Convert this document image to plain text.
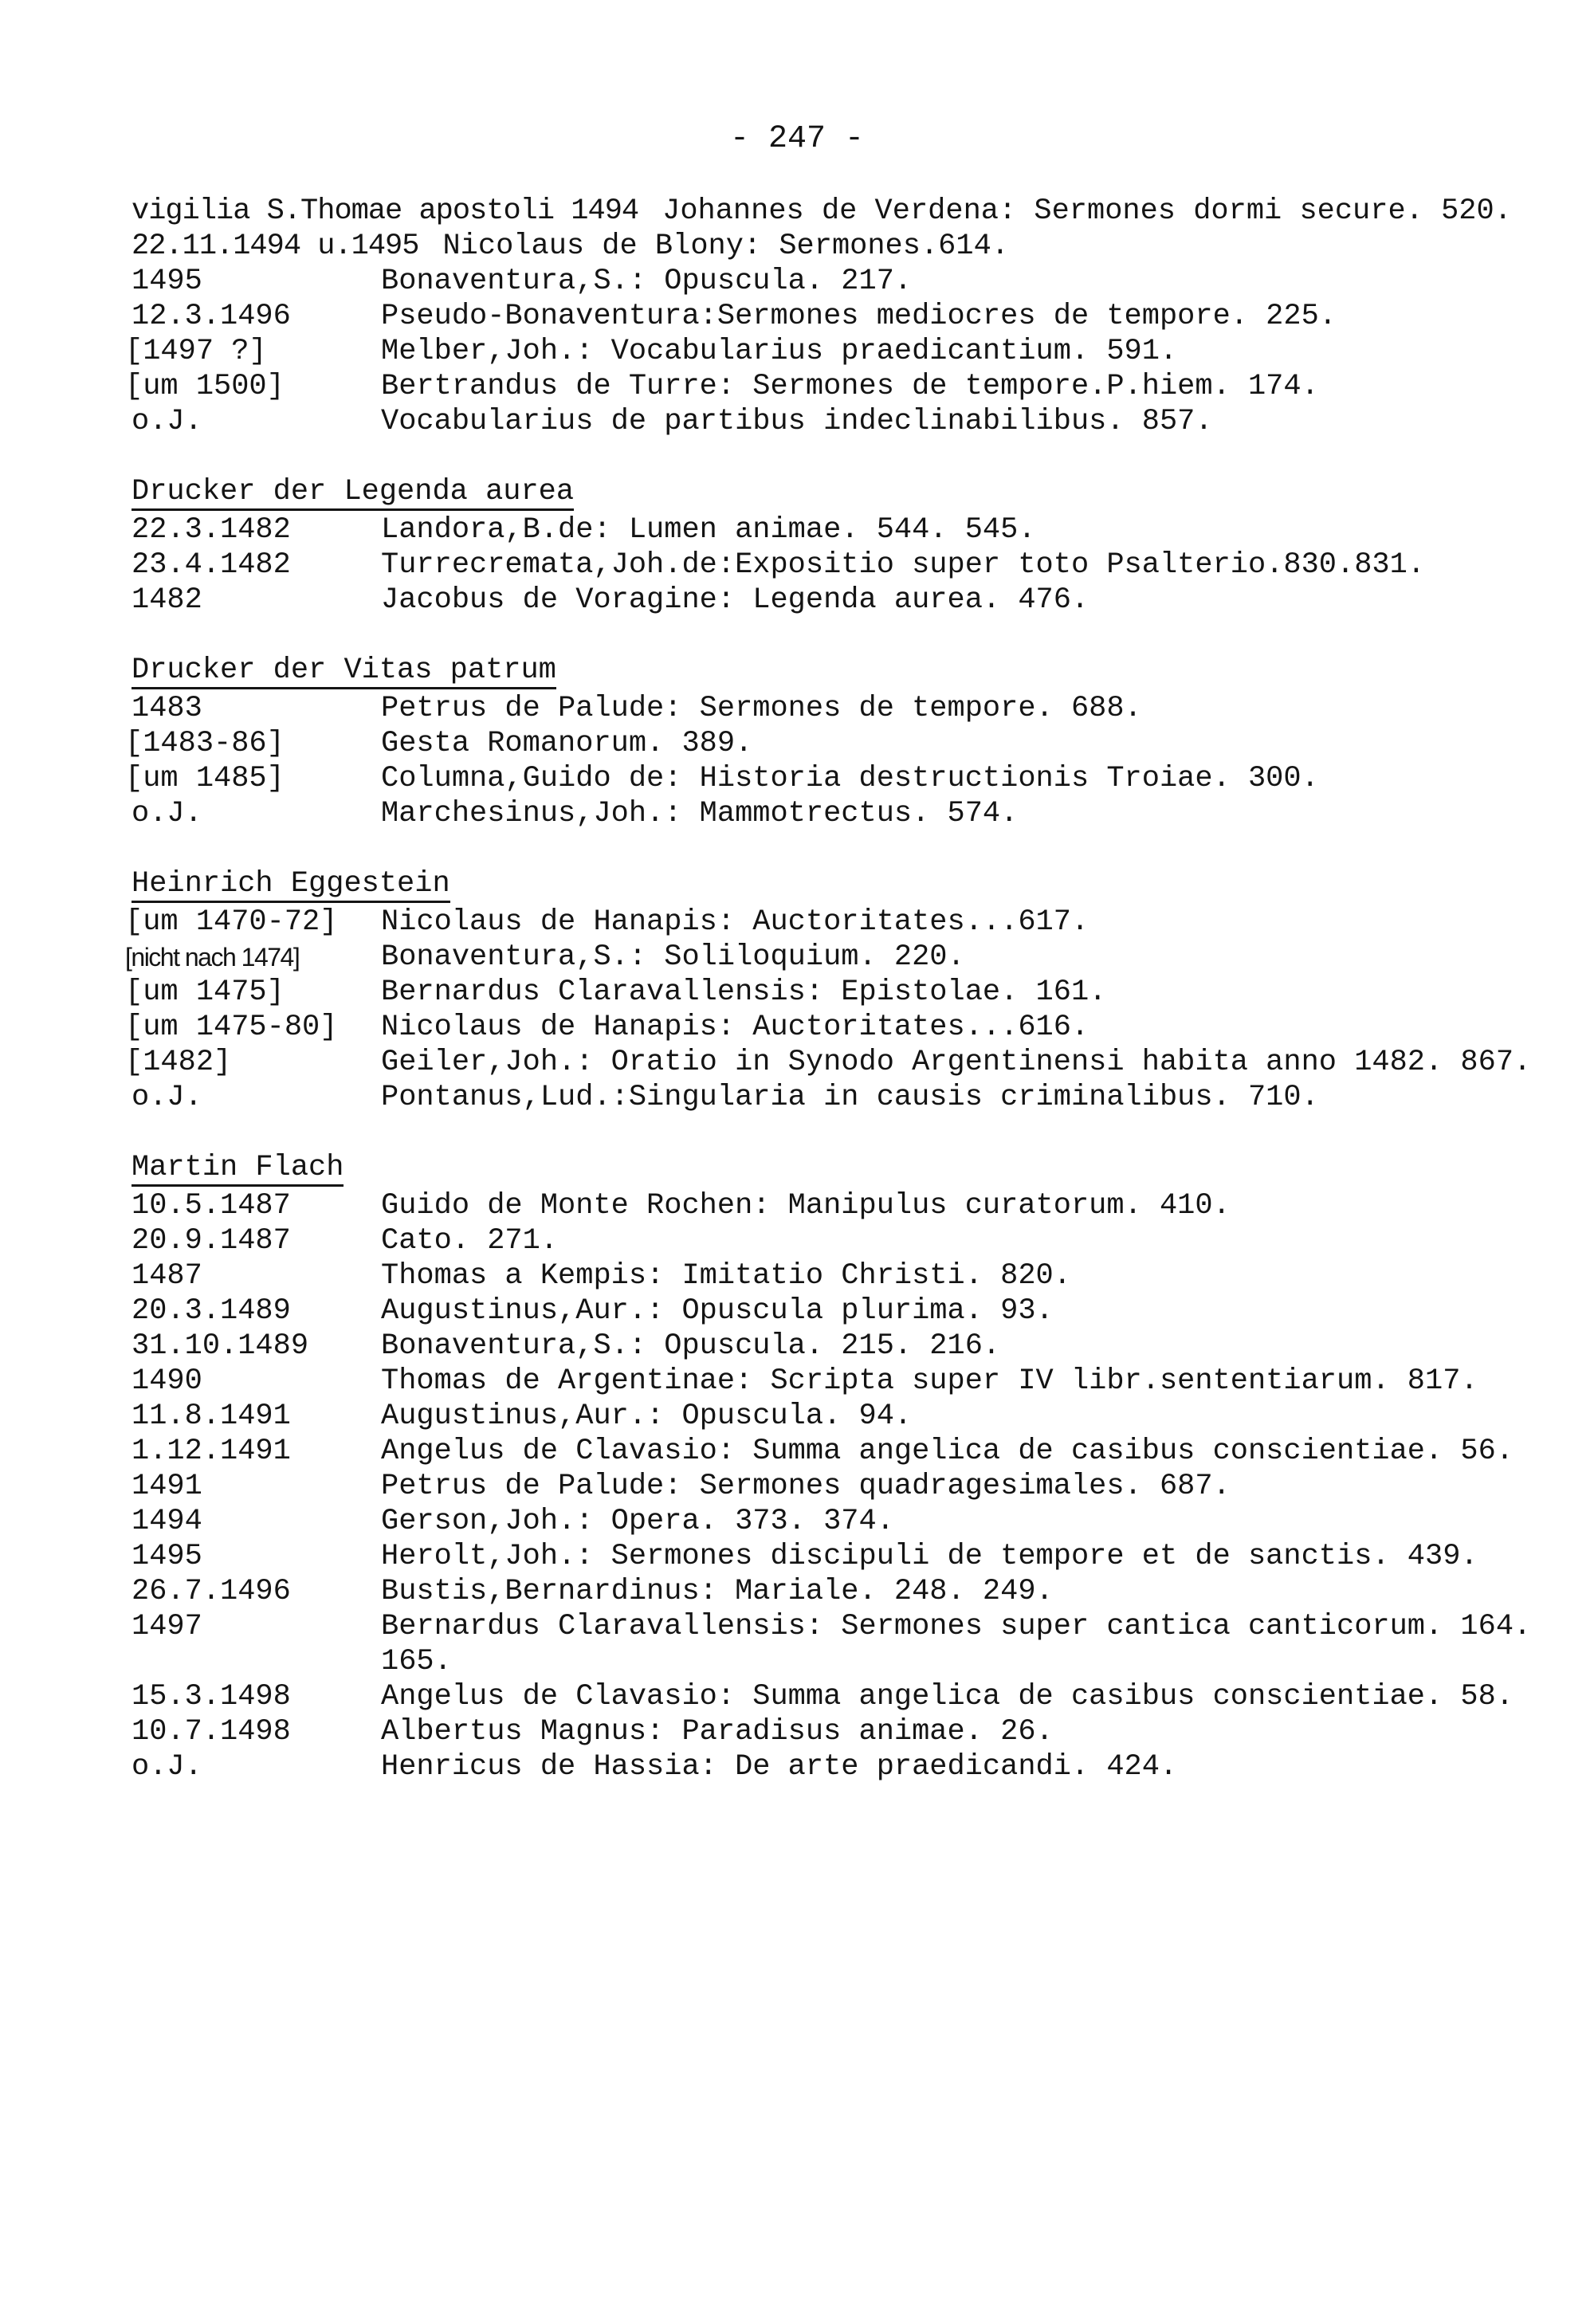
- 247 -
vigilia S.Thomae apostoli 1494 Johannes de Verdena: Sermones dormi secure. 520.
22.11.1494 u.1495 Nicolaus de Blony: Sermones.614.
1495	Bonaventura,S.: Opuscula. 217.
12.3.1496	Pseudo-Bonaventura:Sermones mediocres de tempore. 225.
[1497 ?]	Melber,Joh.: Vocabularius praedicantium. 591.
[um 1500]	Bertrandus de Turre: Sermones de tempore.P.hiem. 174.
o.J.	Vocabularius de partibus indeclinabilibus. 857.
Drucker der Legenda aurea
22.3.1482	Landora,B.de: Lumen animae. 544. 545.
23.4.1482	Turrecremata,Joh.de:Expositio super toto Psalterio.830.831.
1482	Jacobus de Voragine: Legenda aurea. 476.
Drucker der Vitas patrum
1483	Petrus de Palude: Sermones de tempore. 688.
[1483-86]	Gesta Romanorum. 389.
[um 1485]	Columna,Guido de: Historia destructionis Troiae. 300.
o.J.	Marchesinus,Joh.: Mammotrectus. 574.
Heinrich Eggestein
[um 1470-72]	Nicolaus de Hanapis: Auctoritates...617.
[nicht nach 1474]	Bonaventura,S.: Soliloquium. 220.
[um 1475]	Bernardus Claravallensis: Epistolae. 161.
[um 1475-80]	Nicolaus de Hanapis: Auctoritates...616.
[1482]	Geiler,Joh.: Oratio in Synodo Argentinensi habita anno 1482. 867.
o.J.	Pontanus,Lud.:Singularia in causis criminalibus. 710.
Martin Flach
10.5.1487	Guido de Monte Rochen: Manipulus curatorum. 410.
20.9.1487	Cato. 271.
1487	Thomas a Kempis: Imitatio Christi. 820.
20.3.1489	Augustinus,Aur.: Opuscula plurima. 93.
31.10.1489	Bonaventura,S.: Opuscula. 215. 216.
1490	Thomas de Argentinae: Scripta super IV libr.sententiarum. 817.
11.8.1491	Augustinus,Aur.: Opuscula. 94.
1.12.1491	Angelus de Clavasio: Summa angelica de casibus conscientiae. 56.
1491	Petrus de Palude: Sermones quadragesimales. 687.
1494	Gerson,Joh.: Opera. 373. 374.
1495	Herolt,Joh.: Sermones discipuli de tempore et de sanctis. 439.
26.7.1496	Bustis,Bernardinus: Mariale. 248. 249.
1497	Bernardus Claravallensis: Sermones super cantica canticorum. 164. 165.
15.3.1498	Angelus de Clavasio: Summa angelica de casibus conscientiae. 58.
10.7.1498	Albertus Magnus: Paradisus animae. 26.
o.J.	Henricus de Hassia: De arte praedicandi. 424.
